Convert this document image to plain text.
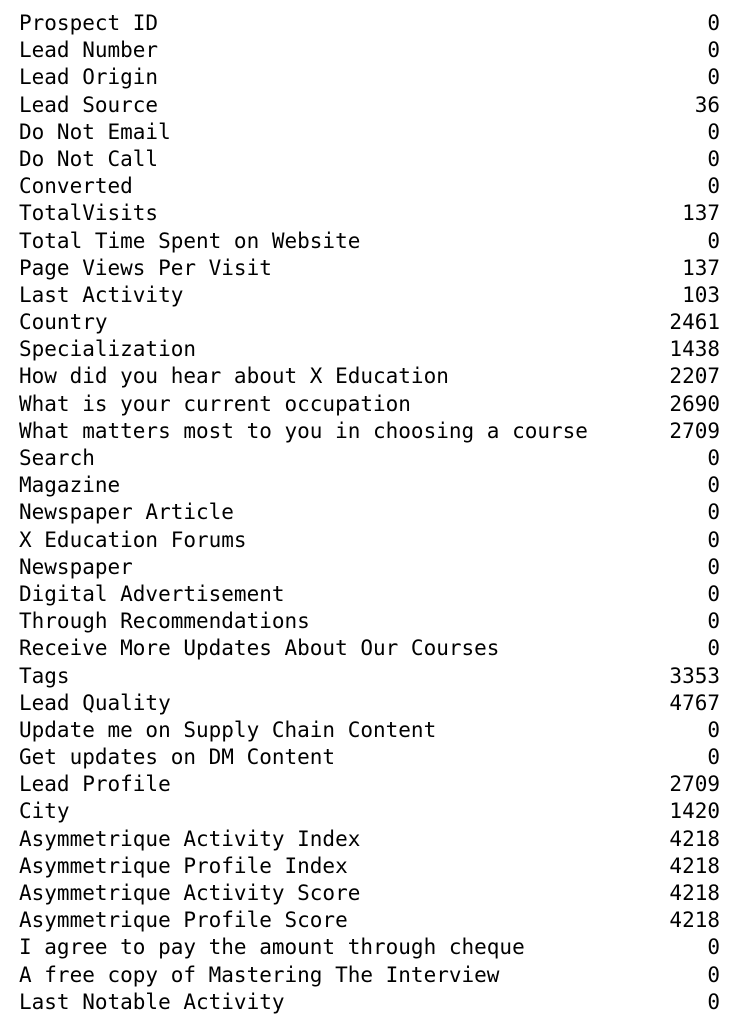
Prospect ID	0
Lead Number	0
Lead Origin	0
Lead Source	36
Do Not Email	0
Do Not Call	0
Converted	0
TotalVisits	137
Total Time Spent on Website	0
Page Views Per Visit	137
Last Activity	103
Country	2461
Specialization	1438
How did you hear about X Education	2207
What is your current occupation	2690
What matters most to you in choosing a course	2709
Search	0
Magazine	0
Newspaper Article	0
X Education Forums	0
Newspaper	0
Digital Advertisement	0
Through Recommendations	0
Receive More Updates About Our Courses	0
Tags	3353
Lead Quality	4767
Update me on Supply Chain Content	0
Get updates on DM Content	0
Lead Profile	2709
City	1420
Asymmetrique Activity Index	4218
Asymmetrique Profile Index	4218
Asymmetrique Activity Score	4218
Asymmetrique Profile Score	4218
I agree to pay the amount through cheque	0
A free copy of Mastering The Interview	0
Last Notable Activity	0
